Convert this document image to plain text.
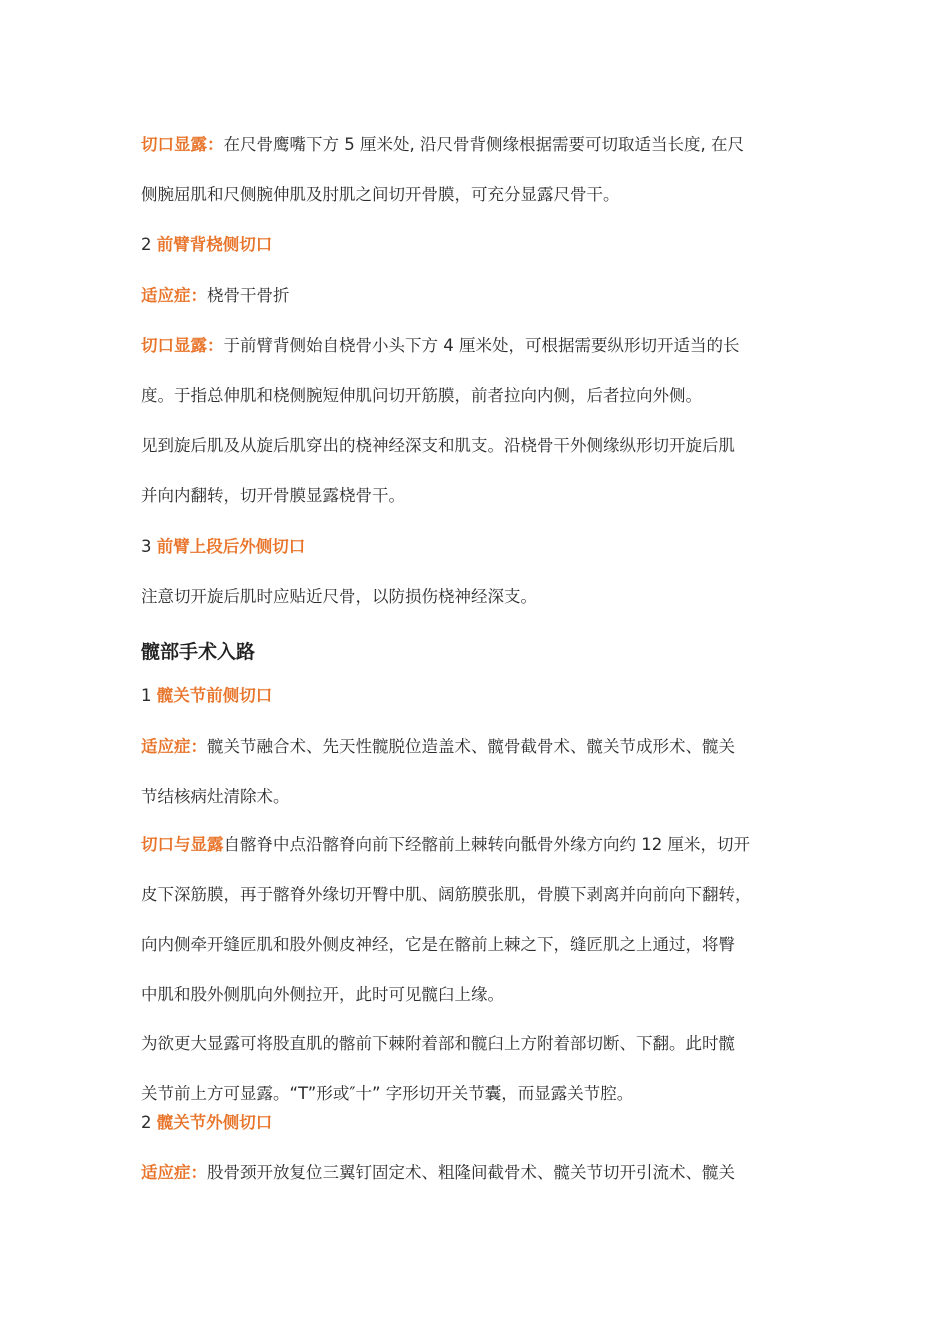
切口显露：在尺骨鹰嘴下方 5 厘米处, 沿尺骨背侧缘根据需要可切取适当长度, 在尺
侧腕屈肌和尺侧腕伸肌及肘肌之间切开骨膜，可充分显露尺骨干。
2 前臂背桡侧切口
适应症：桡骨干骨折
切口显露：于前臂背侧始自桡骨小头下方 4 厘米处，可根据需要纵形切开适当的长
度。于指总伸肌和桡侧腕短伸肌问切开筋膜，前者拉向内侧，后者拉向外侧。
见到旋后肌及从旋后肌穿出的桡神经深支和肌支。沿桡骨干外侧缘纵形切开旋后肌
并向内翻转，切开骨膜显露桡骨干。
3 前臂上段后外侧切口
注意切开旋后肌时应贴近尺骨，以防损伤桡神经深支。
髋部手术入路
1 髋关节前侧切口
适应症：髋关节融合术、先天性髋脱位造盖术、髋骨截骨术、髋关节成形术、髋关
节结核病灶清除术。
切口与显露自髂脊中点沿髂脊向前下经髂前上棘转向骶骨外缘方向约 12 厘米，切开
皮下深筋膜，再于髂脊外缘切开臀中肌、阔筋膜张肌，骨膜下剥离并向前向下翻转，
向内侧牵开缝匠肌和股外侧皮神经，它是在髂前上棘之下，缝匠肌之上通过，将臀
中肌和股外侧肌向外侧拉开，此时可见髋臼上缘。
为欲更大显露可将股直肌的髂前下棘附着部和髋臼上方附着部切断、下翻。此时髋
关节前上方可显露。“T”形或″十” 字形切开关节囊，而显露关节腔。
2 髋关节外侧切口
适应症：股骨颈开放复位三翼钉固定术、粗隆间截骨术、髋关节切开引流术、髋关
